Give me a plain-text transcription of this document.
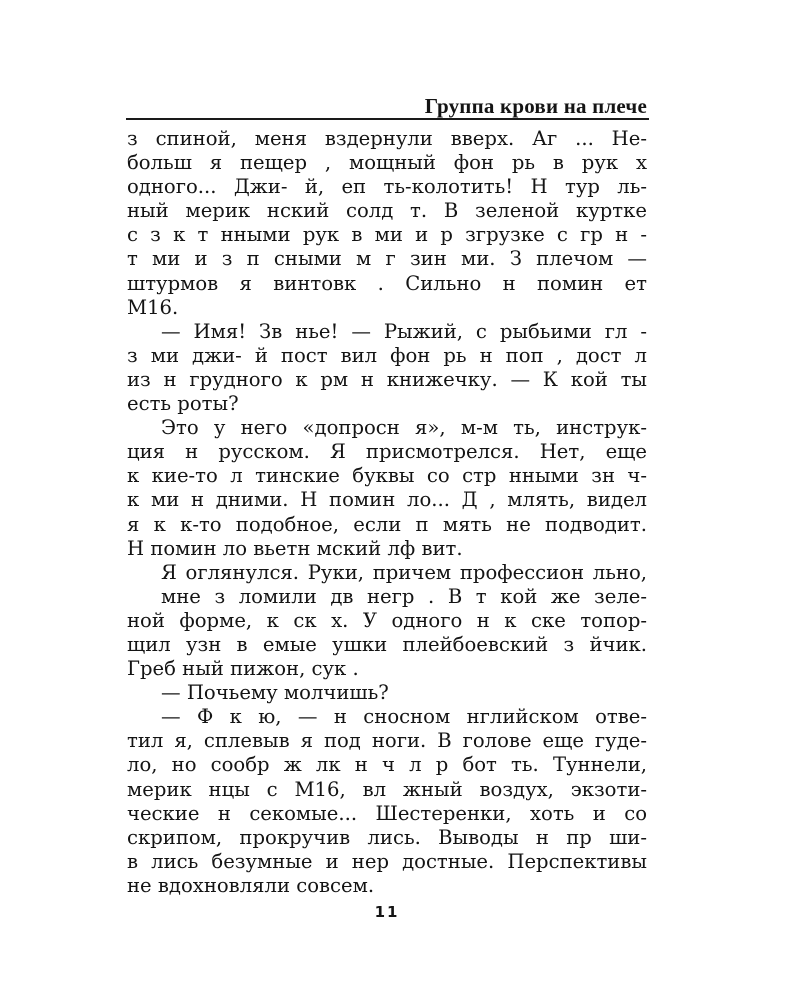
Группа крови на плече
з спиной, меня вздернули вверх. Аг ... Не-
больш я пещер , мощный фон рь в рук х
одного... Джи- й, еп ть-колотить! Н тур ль-
ный мерик нский солд т. В зеленой куртке
с з к т нными рук в ми и р згрузке с гр н -
т ми и з п сными м г зин ми. З плечом —
штурмов я винтовк . Сильно н помин ет
M16.
— Имя! Зв нье! — Рыжий, с рыбьими гл -
з ми джи- й пост вил фон рь н поп , дост л
из н грудного к рм н книжечку. — К кой ты
есть роты?
Это у него «допросн я», м-м ть, инструк-
ция н русском. Я присмотрелся. Нет, еще
к кие-то л тинские буквы со стр нными зн ч-
к ми н дними. Н помин ло... Д , млять, видел
я к к-то подобное, если п мять не подводит.
Н помин ло вьетн мский лф вит.
Я оглянулся. Руки, причем профессион льно, мне з ломили дв негр . В т кой же зеле-
ной форме, к ск х. У одного н к ске топор-
щил узн в емые ушки плейбоевский з йчик.
Греб ный пижон, сук .
— Почьему молчишь?
— Ф к ю, — н сносном нглийском отве-
тил я, сплевыв я под ноги. В голове еще гуде-
ло, но сообр ж лк н ч л р бот ть. Туннели,
мерик нцы с M16, вл жный воздух, экзоти-
ческие н секомые... Шестеренки, хоть и со
скрипом, прокручив лись. Выводы н пр ши-
в лись безумные и нер достные. Перспективы
не вдохновляли совсем.
11
